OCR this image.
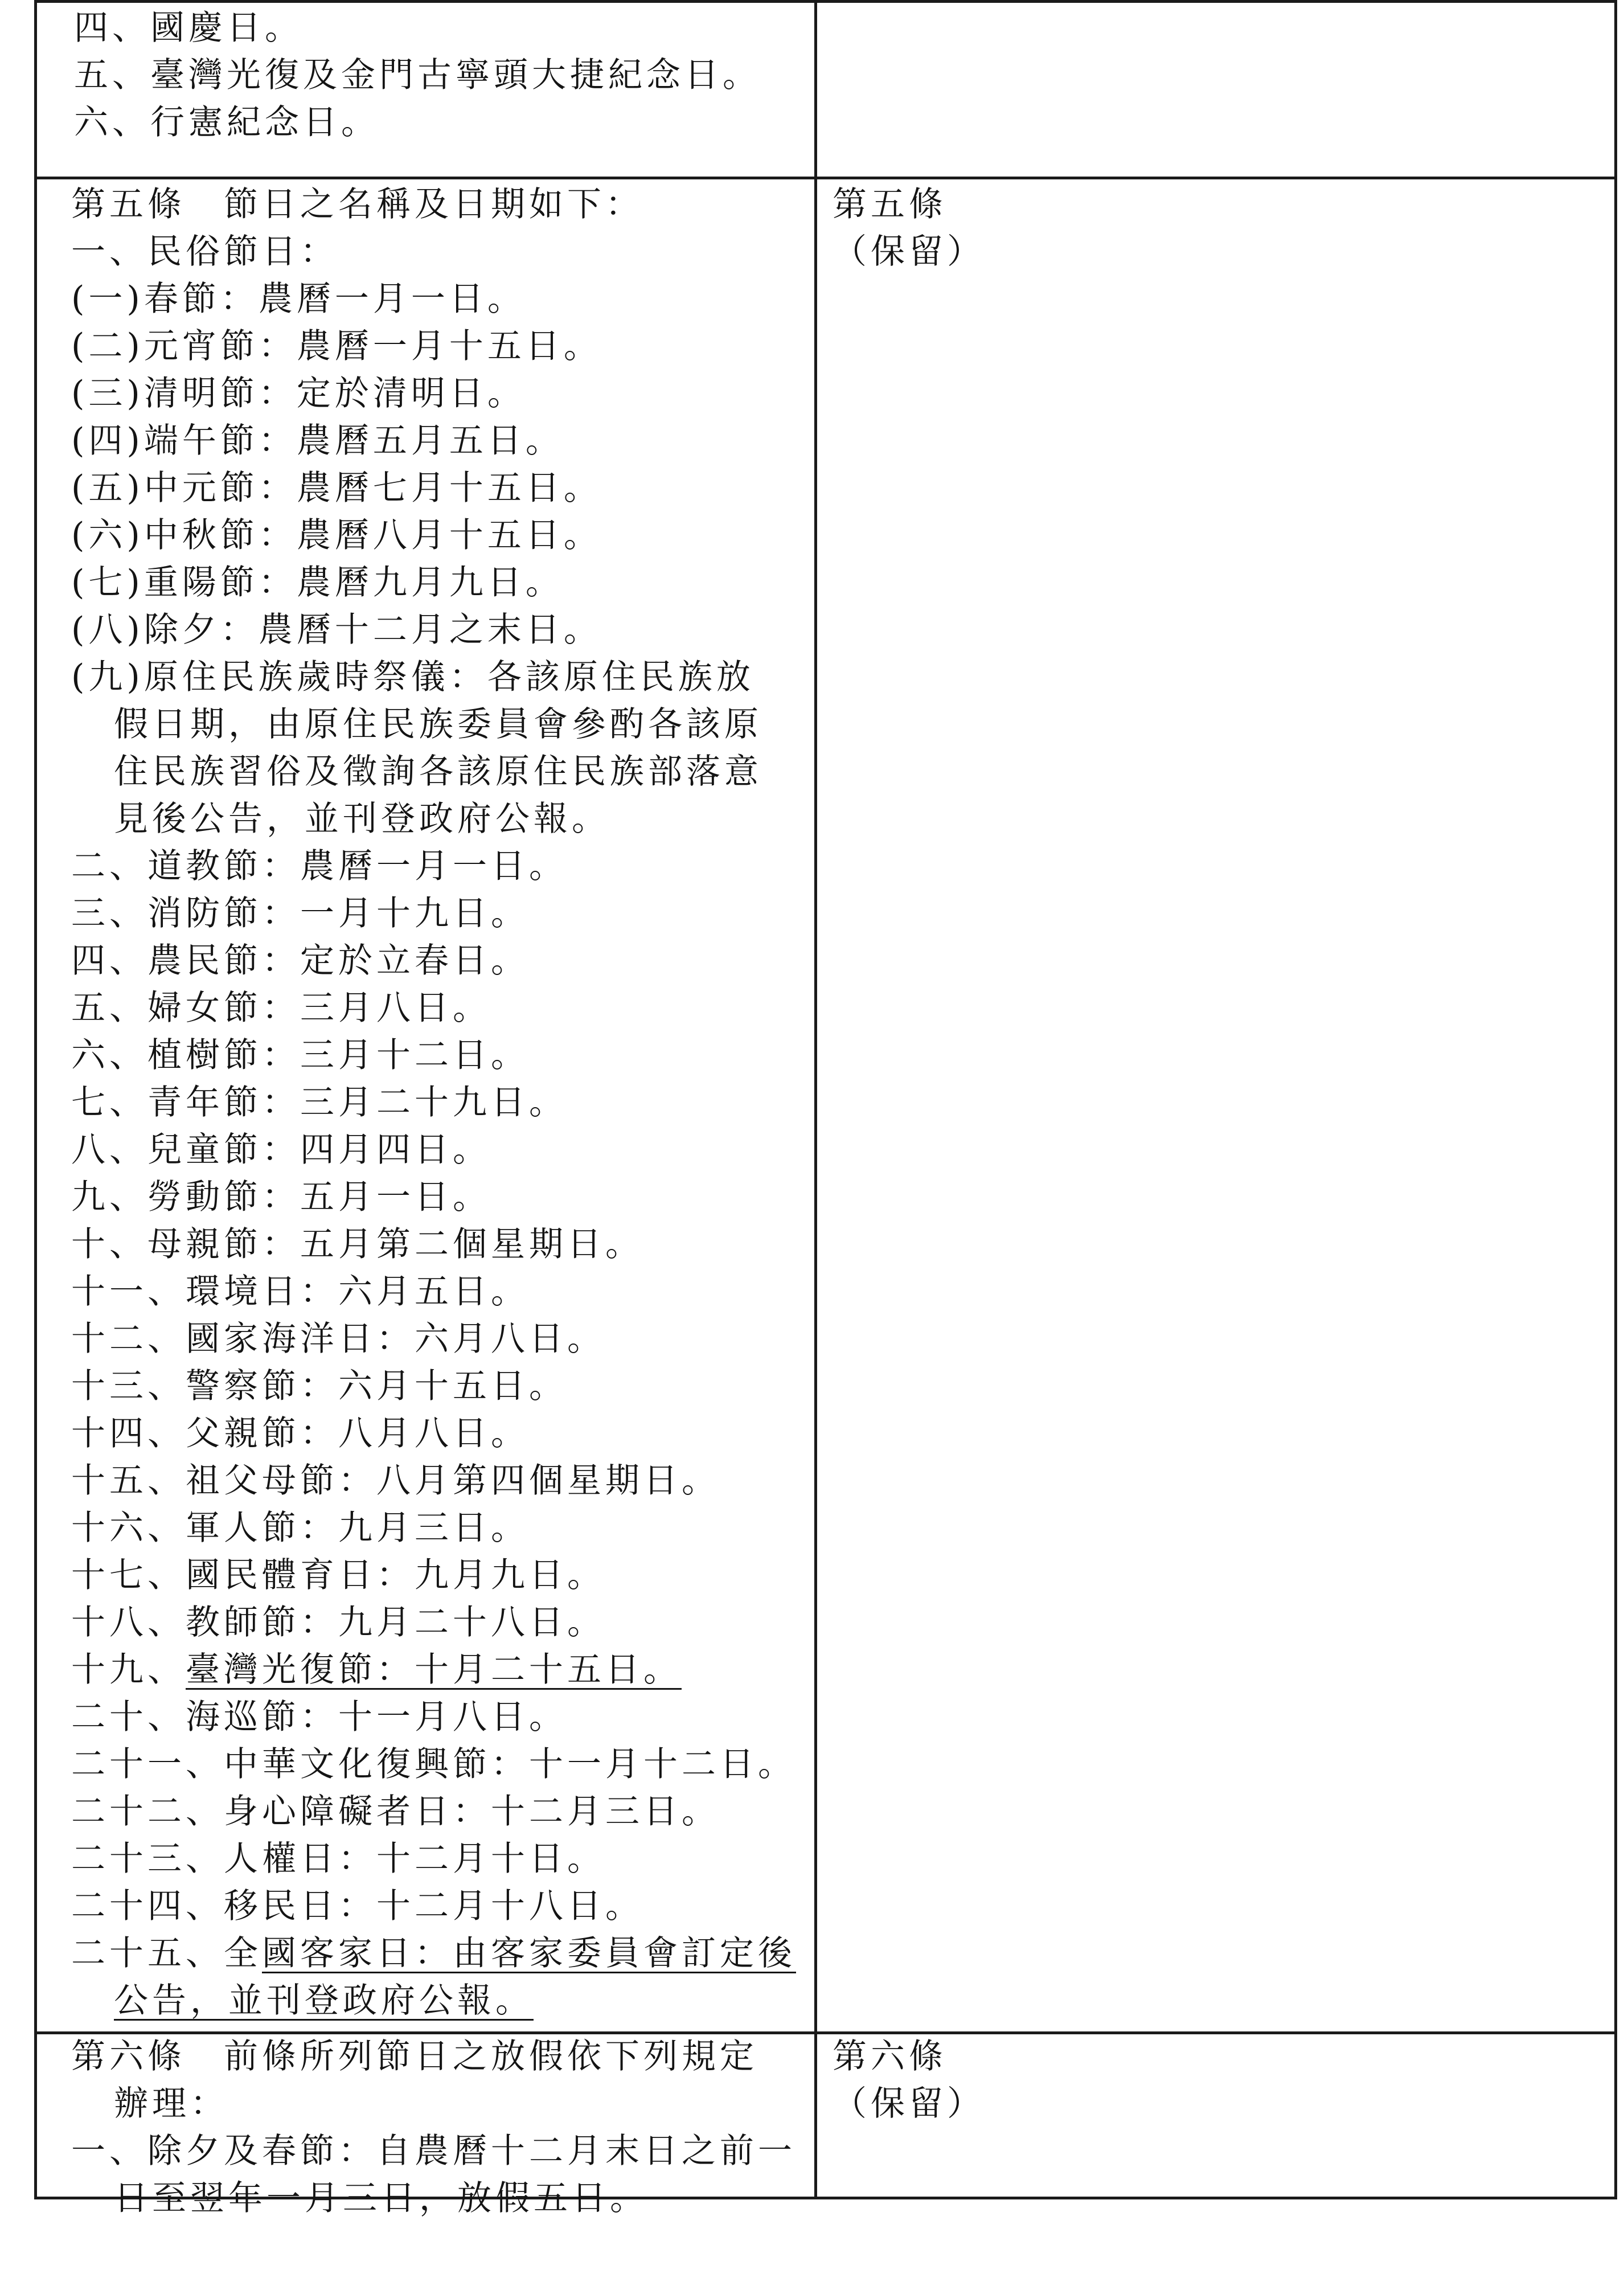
四、國慶日。
五、臺灣光復及金門古寧頭大捷紀念日。
六、行憲紀念日。
第五條　節日之名稱及日期如下：
一、民俗節日：
(一)春節：農曆一月一日。
(二)元宵節：農曆一月十五日。
(三)清明節：定於清明日。
(四)端午節：農曆五月五日。
(五)中元節：農曆七月十五日。
(六)中秋節：農曆八月十五日。
(七)重陽節：農曆九月九日。
(八)除夕：農曆十二月之末日。
(九)原住民族歲時祭儀：各該原住民族放
假日期，由原住民族委員會參酌各該原
住民族習俗及徵詢各該原住民族部落意
見後公告，並刊登政府公報。
二、道教節：農曆一月一日。
三、消防節：一月十九日。
四、農民節：定於立春日。
五、婦女節：三月八日。
六、植樹節：三月十二日。
七、青年節：三月二十九日。
八、兒童節：四月四日。
九、勞動節：五月一日。
十、母親節：五月第二個星期日。
十一、環境日：六月五日。
十二、國家海洋日：六月八日。
十三、警察節：六月十五日。
十四、父親節：八月八日。
十五、祖父母節：八月第四個星期日。
十六、軍人節：九月三日。
十七、國民體育日：九月九日。
十八、教師節：九月二十八日。
十九、臺灣光復節：十月二十五日。
二十、海巡節：十一月八日。
二十一、中華文化復興節：十一月十二日。
二十二、身心障礙者日：十二月三日。
二十三、人權日：十二月十日。
二十四、移民日：十二月十八日。
二十五、全國客家日：由客家委員會訂定後
公告，並刊登政府公報。
第五條
（保留）
第六條　前條所列節日之放假依下列規定
辦理：
一、除夕及春節：自農曆十二月末日之前一
日至翌年一月三日，放假五日。
第六條
（保留）
